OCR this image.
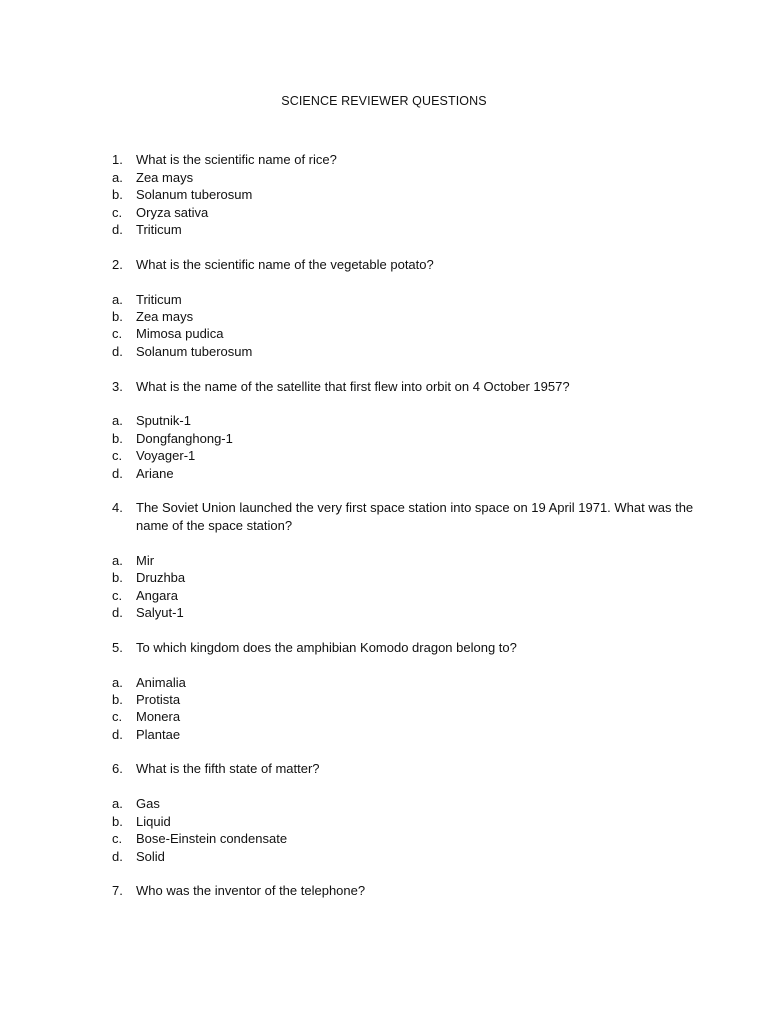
SCIENCE REVIEWER QUESTIONS
1.	What is the scientific name of rice?
a.	Zea mays
b.	Solanum tuberosum
c.	Oryza sativa
d.	Triticum
2.	What is the scientific name of the vegetable potato?
a.	Triticum
b.	Zea mays
c.	Mimosa pudica
d.	Solanum tuberosum
3.	What is the name of the satellite that first flew into orbit on 4 October 1957?
a.	Sputnik-1
b.	Dongfanghong-1
c.	Voyager-1
d.	Ariane
4.	The Soviet Union launched the very first space station into space on 19 April 1971. What was the
name of the space station?
a.	Mir
b.	Druzhba
c.	Angara
d.	Salyut-1
5.	To which kingdom does the amphibian Komodo dragon belong to?
a.	Animalia
b.	Protista
c.	Monera
d.	Plantae
6.	What is the fifth state of matter?
a.	Gas
b.	Liquid
c.	Bose-Einstein condensate
d.	Solid
7.	Who was the inventor of the telephone?
